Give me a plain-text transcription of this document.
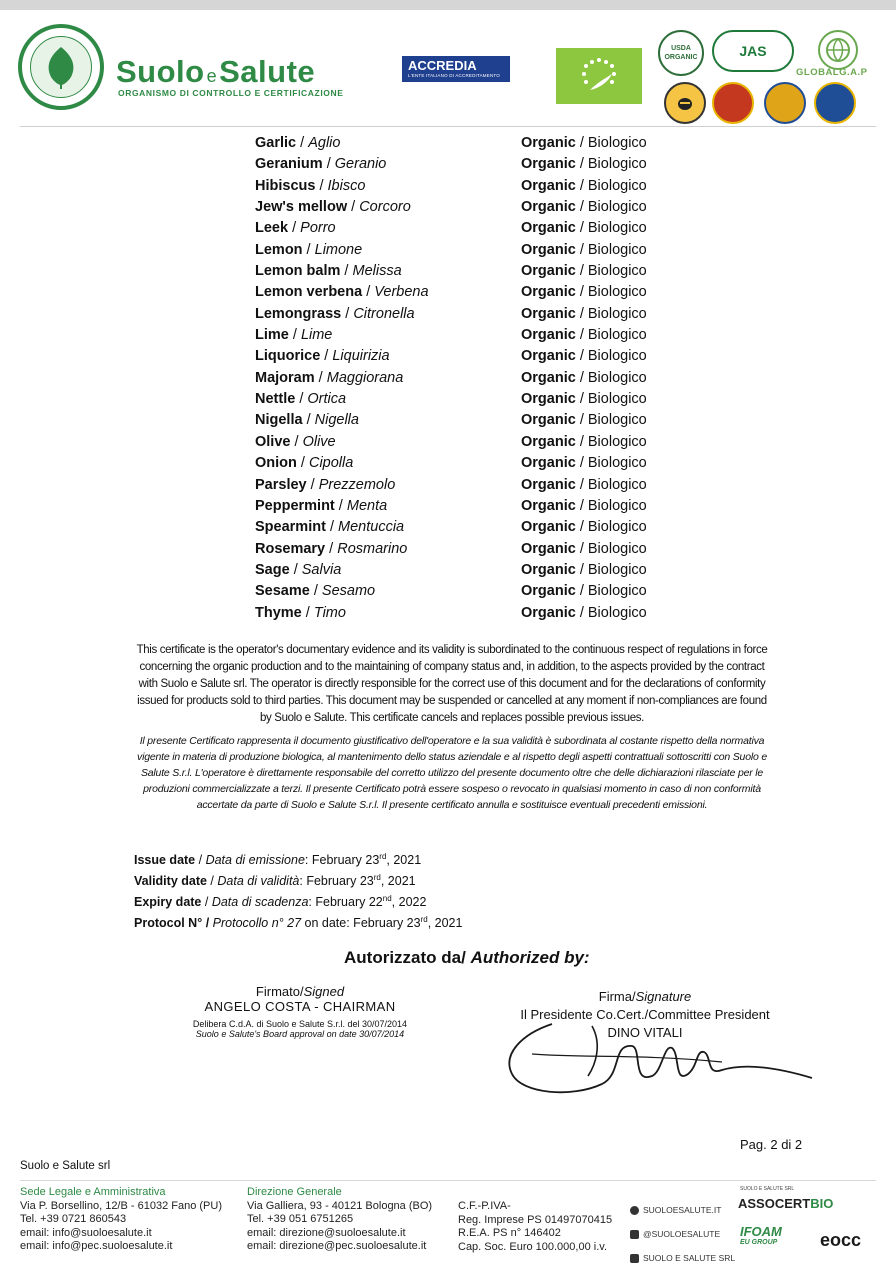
Suolo eSalute
ORGANISMO DI CONTROLLO E CERTIFICAZIONE
ACCREDIA
L'ENTE ITALIANO DI ACCREDITAMENTO
USDA ORGANIC	JAS
GLOBALG.A.P
Garlic / Aglio	Organic / Biologico
Geranium / Geranio	Organic / Biologico
Hibiscus / Ibisco	Organic / Biologico
Jew's mellow / Corcoro	Organic / Biologico
Leek / Porro	Organic / Biologico
Lemon / Limone	Organic / Biologico
Lemon balm / Melissa	Organic / Biologico
Lemon verbena / Verbena	Organic / Biologico
Lemongrass / Citronella	Organic / Biologico
Lime / Lime	Organic / Biologico
Liquorice / Liquirizia	Organic / Biologico
Majoram / Maggiorana	Organic / Biologico
Nettle / Ortica	Organic / Biologico
Nigella / Nigella	Organic / Biologico
Olive / Olive	Organic / Biologico
Onion / Cipolla	Organic / Biologico
Parsley / Prezzemolo	Organic / Biologico
Peppermint / Menta	Organic / Biologico
Spearmint / Mentuccia	Organic / Biologico
Rosemary / Rosmarino	Organic / Biologico
Sage / Salvia	Organic / Biologico
Sesame / Sesamo	Organic / Biologico
Thyme / Timo	Organic / Biologico
This certificate is the operator's documentary evidence and its validity is subordinated to the continuous respect of regulations in force concerning the organic production and to the maintaining of company status and, in addition, to the aspects provided by the contract with Suolo e Salute srl. The operator is directly responsible for the correct use of this document and for the declarations of conformity issued for products sold to third parties. This document may be suspended or cancelled at any moment if non-compliances are found by Suolo e Salute. This certificate cancels and replaces possible previous issues.
Il presente Certificato rappresenta il documento giustificativo dell'operatore e la sua validità è subordinata al costante rispetto della normativa vigente in materia di produzione biologica, al mantenimento dello status aziendale e al rispetto degli aspetti contrattuali sottoscritti con Suolo e Salute S.r.l. L'operatore è direttamente responsabile del corretto utilizzo del presente documento oltre che delle dichiarazioni rilasciate per le produzioni commercializzate a terzi. Il presente Certificato potrà essere sospeso o revocato in qualsiasi momento in caso di non conformità accertate da parte di Suolo e Salute S.r.l. Il presente certificato annulla e sostituisce eventuali precedenti emissioni.
Issue date / Data di emissione: February 23rd, 2021
Validity date / Data di validità: February 23rd, 2021
Expiry date / Data di scadenza: February 22nd, 2022
Protocol N° / Protocollo n° 27 on date: February 23rd, 2021
Autorizzato da/ Authorized by:
Firmato/Signed
ANGELO COSTA - CHAIRMAN
Delibera C.d.A. di Suolo e Salute S.r.l. del 30/07/2014
Suolo e Salute's Board approval on date 30/07/2014
Firma/Signature
Il Presidente Co.Cert./Committee President
DINO VITALI
Pag. 2 di 2
Suolo e Salute srl
Sede Legale e Amministrativa
Via P. Borsellino, 12/B - 61032 Fano (PU)
Tel. +39 0721 860543
email: info@suoloesalute.it
email: info@pec.suoloesalute.it
Direzione Generale
Via Galliera, 93 - 40121 Bologna (BO)
Tel. +39 051 6751265
email: direzione@suoloesalute.it
email: direzione@pec.suoloesalute.it
C.F.-P.IVA-
Reg. Imprese PS 01497070415
R.E.A. PS n° 146402
Cap. Soc. Euro 100.000,00 i.v.
SUOLOESALUTE.IT
@SUOLOESALUTE
SUOLO E SALUTE SRL
SUOLO E SALUTE SRL
ASSOCERTBIO
IFOAM
EU GROUP eocc
